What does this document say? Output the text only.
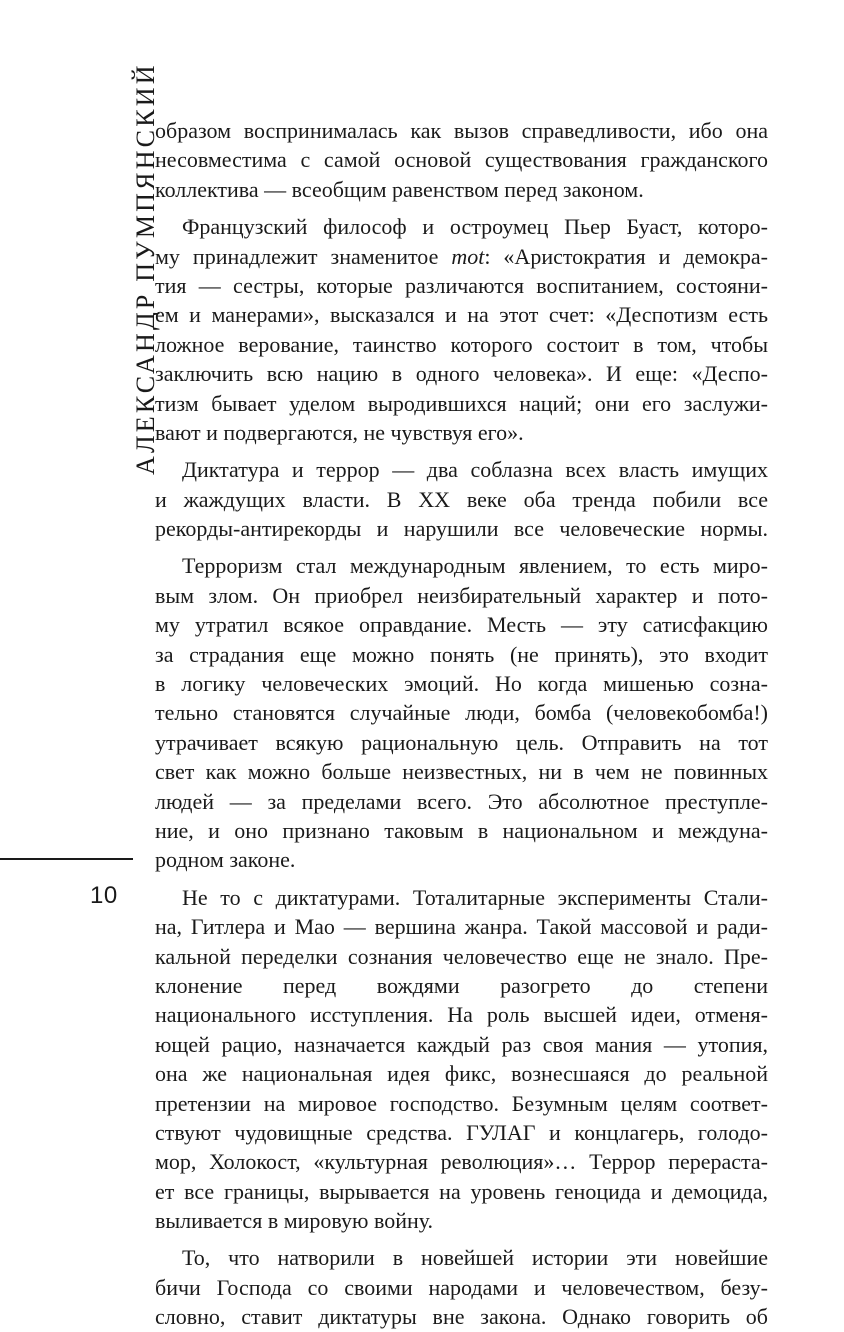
АЛЕКСАНДР ПУМПЯНСКИЙ
10
образом воспринималась как вызов справедливости, ибо она
несовместима с самой основой существования гражданского
коллектива — всеобщим равенством перед законом.
Французский философ и остроумец Пьер Буаст, которо-
му принадлежит знаменитое mot: «Аристократия и демокра-
тия — сестры, которые различаются воспитанием, состояни-
ем и манерами», высказался и на этот счет: «Деспотизм есть
ложное верование, таинство которого состоит в том, чтобы
заключить всю нацию в одного человека». И еще: «Деспо-
тизм бывает уделом выродившихся наций; они его заслужи-
вают и подвергаются, не чувствуя его».
Диктатура и террор — два соблазна всех власть имущих
и жаждущих власти. В XX веке оба тренда побили все
рекорды-антирекорды и нарушили все человеческие нормы.
Терроризм стал международным явлением, то есть миро-
вым злом. Он приобрел неизбирательный характер и пото-
му утратил всякое оправдание. Месть — эту сатисфакцию
за страдания еще можно понять (не принять), это входит
в логику человеческих эмоций. Но когда мишенью созна-
тельно становятся случайные люди, бомба (человекобомба!)
утрачивает всякую рациональную цель. Отправить на тот
свет как можно больше неизвестных, ни в чем не повинных
людей — за пределами всего. Это абсолютное преступле-
ние, и оно признано таковым в национальном и междуна-
родном законе.
Не то с диктатурами. Тоталитарные эксперименты Стали-
на, Гитлера и Мао — вершина жанра. Такой массовой и ради-
кальной переделки сознания человечество еще не знало. Пре-
клонение перед вождями разогрето до степени
национального исступления. На роль высшей идеи, отменя-
ющей рацио, назначается каждый раз своя мания — утопия,
она же национальная идея фикс, вознесшаяся до реальной
претензии на мировое господство. Безумным целям соответ-
ствуют чудовищные средства. ГУЛАГ и концлагерь, голодо-
мор, Холокост, «культурная революция»… Террор перераста-
ет все границы, вырывается на уровень геноцида и демоцида,
выливается в мировую войну.
То, что натворили в новейшей истории эти новейшие
бичи Господа со своими народами и человечеством, безу-
словно, ставит диктатуры вне закона. Однако говорить об
